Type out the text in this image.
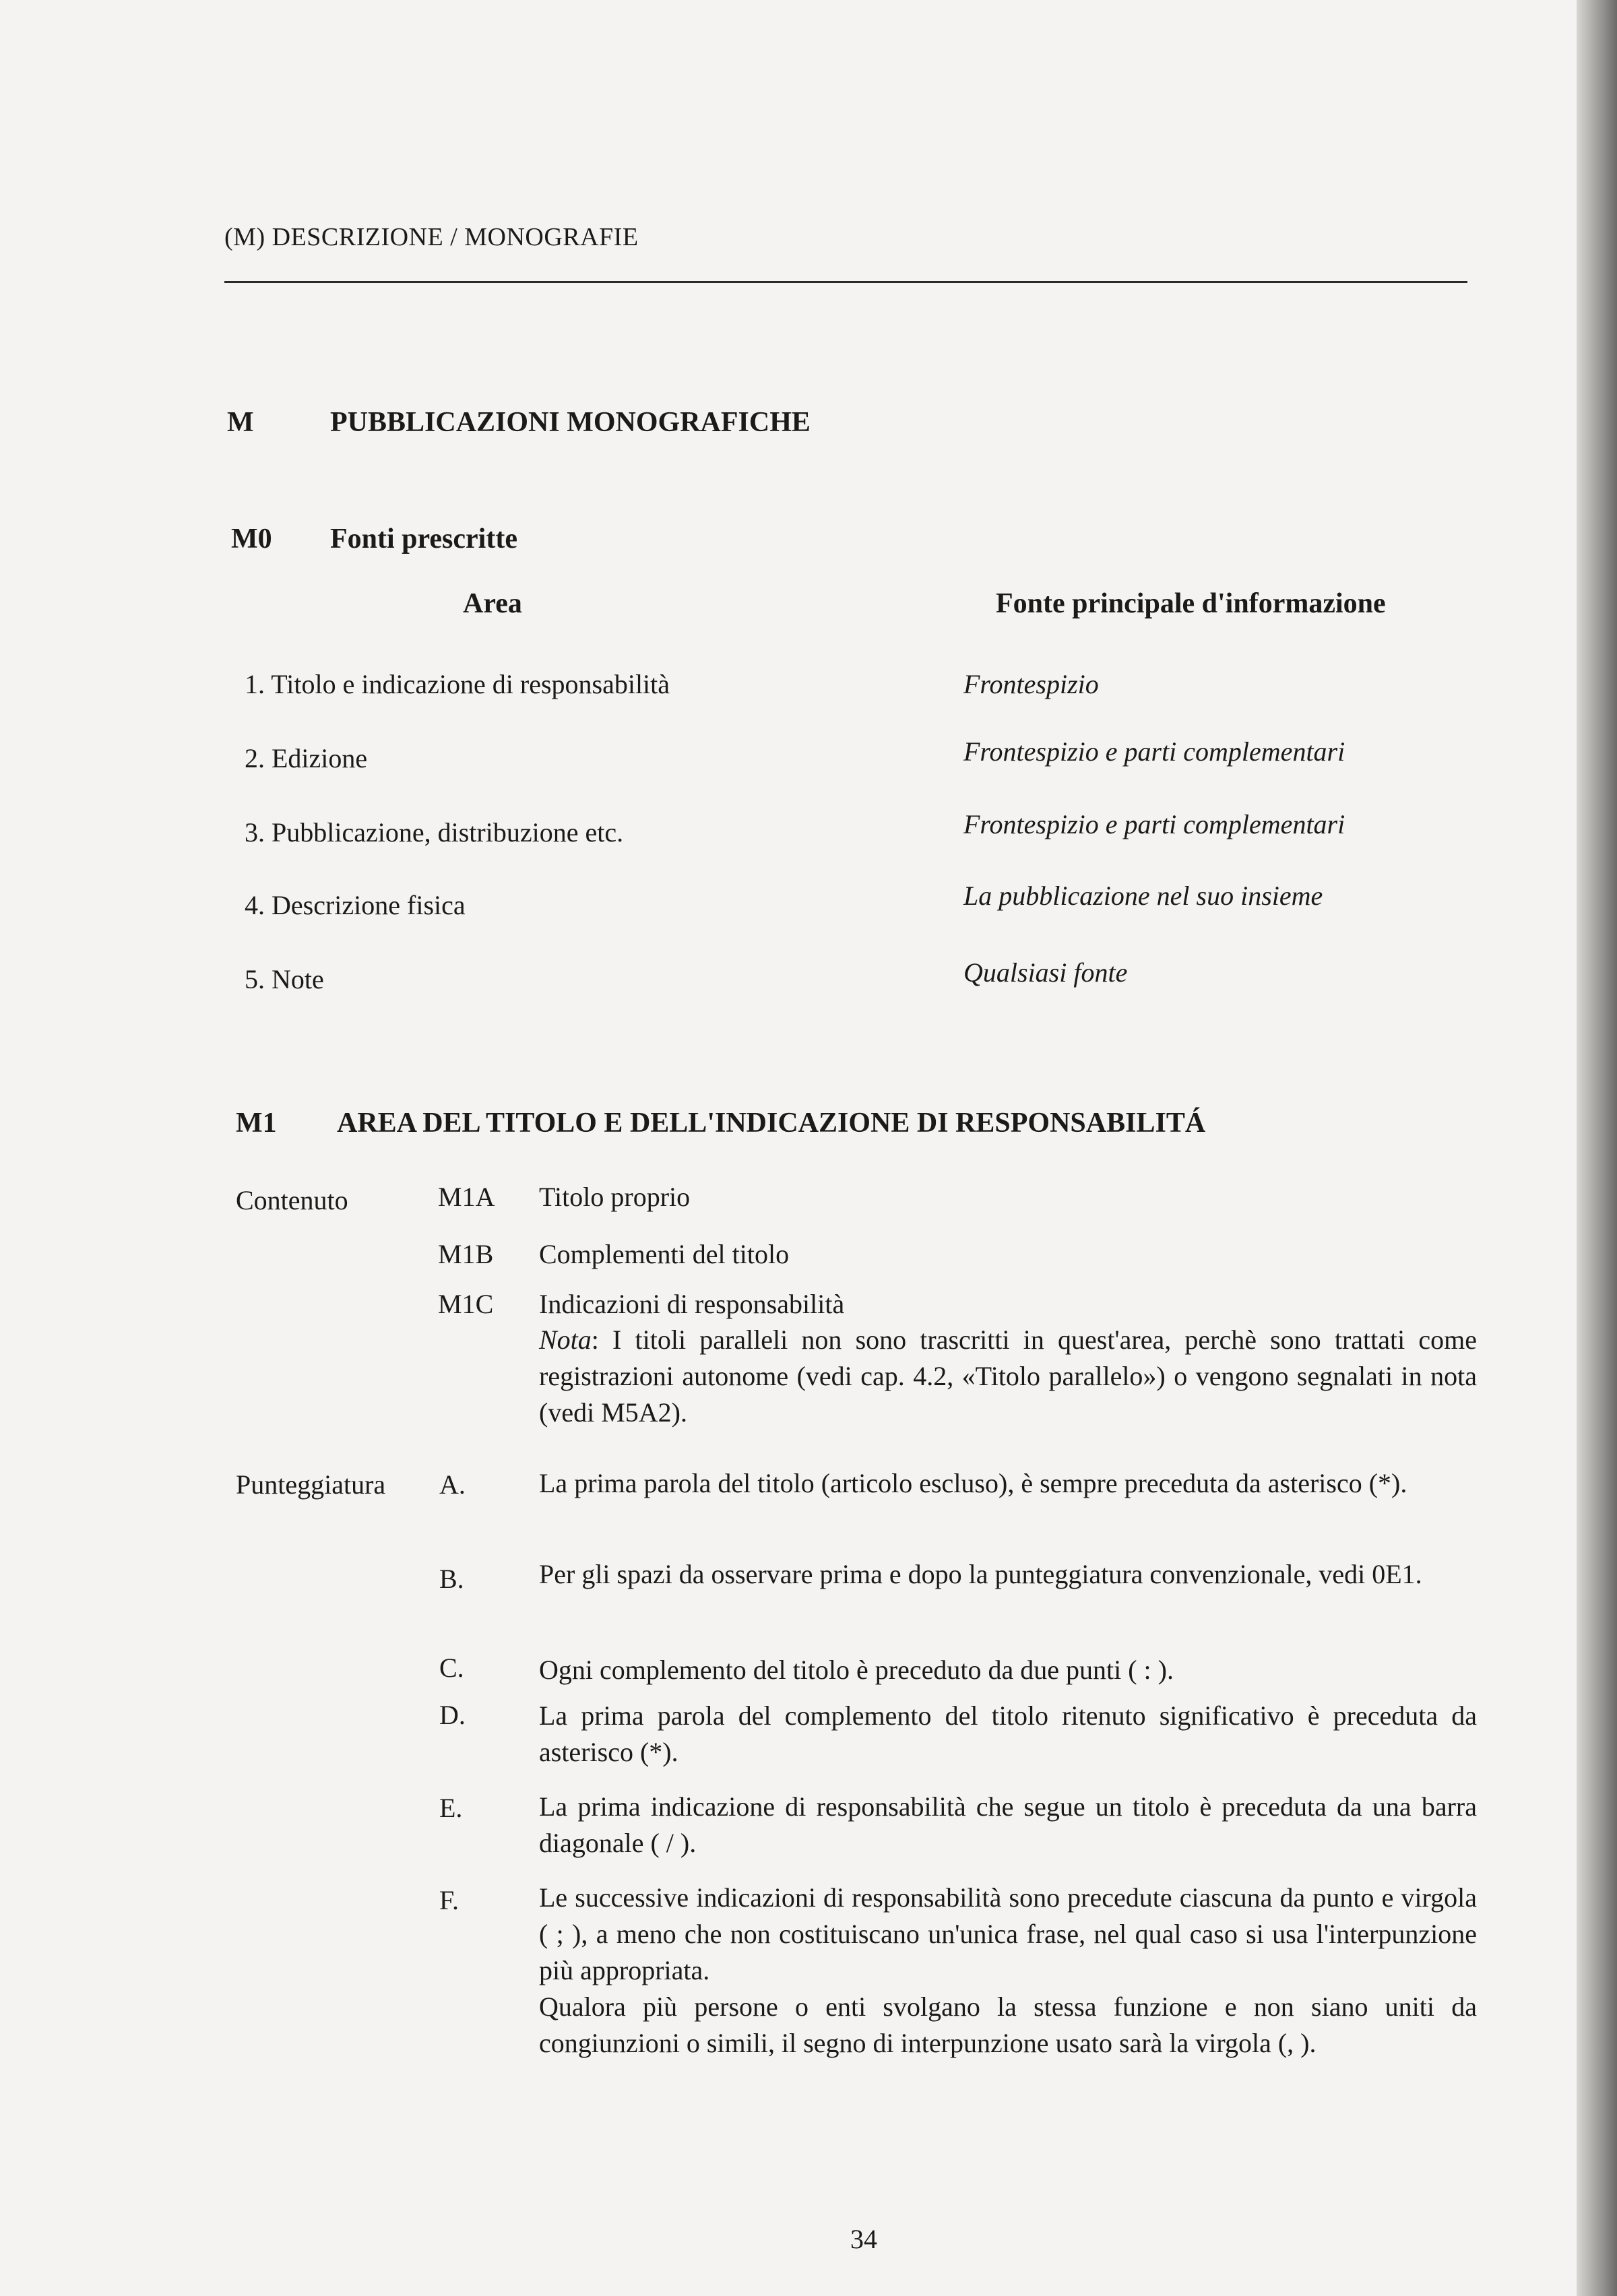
(M) DESCRIZIONE / MONOGRAFIE
M	PUBBLICAZIONI MONOGRAFICHE
M0 Fonti prescritte
Area	Fonte principale d'informazione
1. Titolo e indicazione di responsabilità	Frontespizio
2. Edizione	Frontespizio e parti complementari
3. Pubblicazione, distribuzione etc.	Frontespizio e parti complementari
4. Descrizione fisica	La pubblicazione nel suo insieme
5. Note	Qualsiasi fonte
M1 AREA DEL TITOLO E DELL'INDICAZIONE DI RESPONSABILITÁ
Contenuto	M1A Titolo proprio
M1B Complementi del titolo
M1C Indicazioni di responsabilità
Nota: I titoli paralleli non sono trascritti in quest'area, perchè sono trattati come registrazioni autonome (vedi cap. 4.2, «Titolo parallelo») o vengono segnalati in nota (vedi M5A2).
Punteggiatura A.	La prima parola del titolo (articolo escluso), è sempre preceduta da asterisco (*).
B.	Per gli spazi da osservare prima e dopo la punteggiatura convenzionale, vedi 0E1.
C.	Ogni complemento del titolo è preceduto da due punti ( : ).
D.	La prima parola del complemento del titolo ritenuto significativo è preceduta da asterisco (*).
E.	La prima indicazione di responsabilità che segue un titolo è preceduta da una barra diagonale ( / ).
F.	Le successive indicazioni di responsabilità sono precedute ciascuna da punto e virgola ( ; ), a meno che non costituiscano un'unica frase, nel qual caso si usa l'interpunzione più appropriata.
Qualora più persone o enti svolgano la stessa funzione e non siano uniti da congiunzioni o simili, il segno di interpunzione usato sarà la virgola (, ).
34
